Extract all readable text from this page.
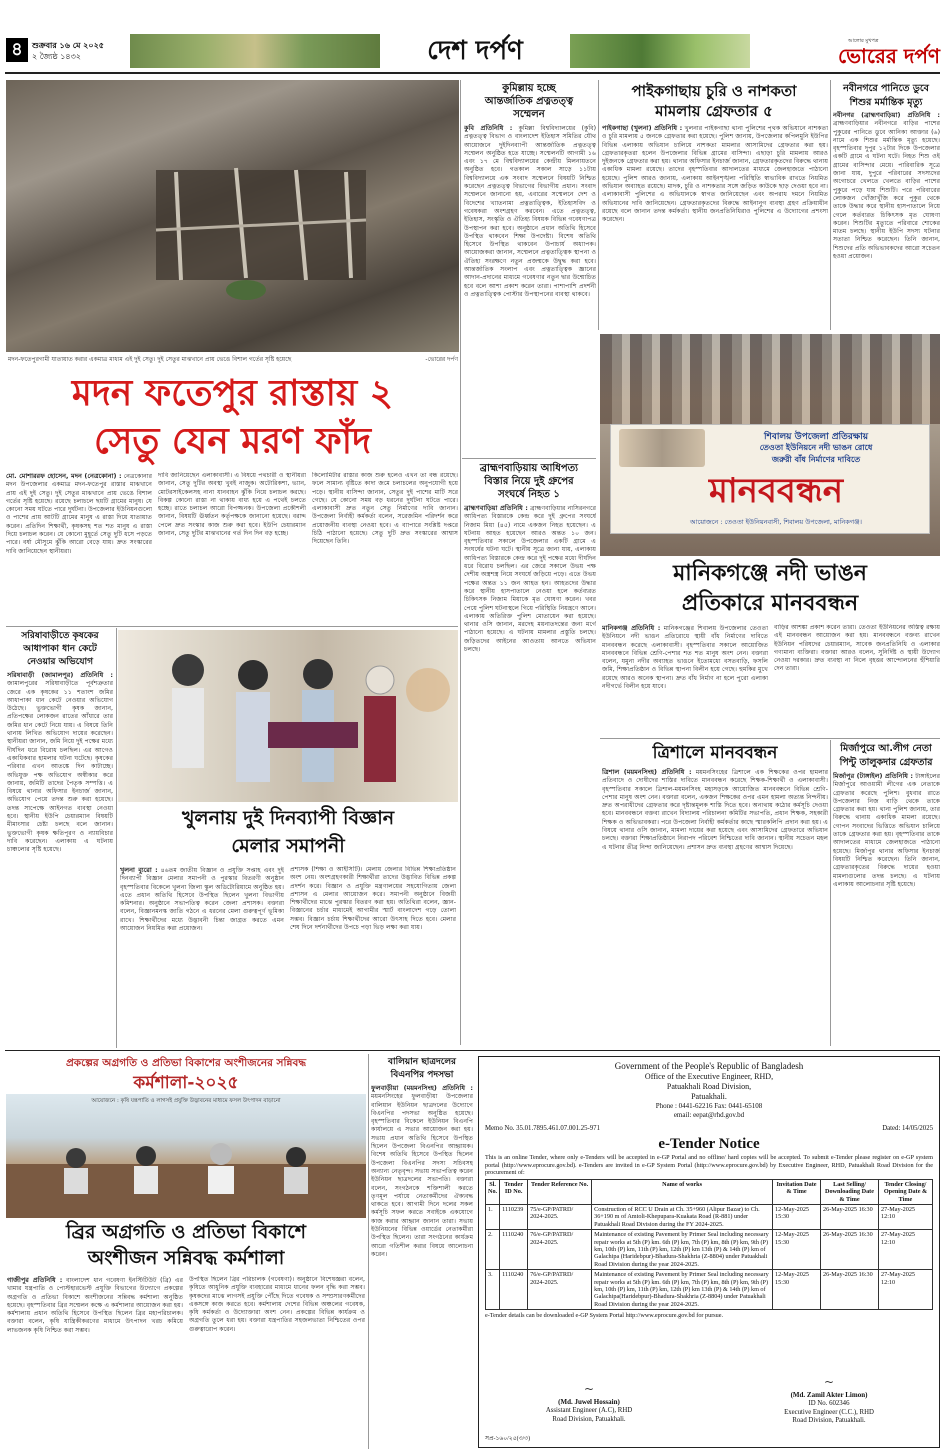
৪	শুক্রবার ১৬ মে ২০২৫
২ জ্যৈষ্ঠ ১৪৩২	দেশ দর্পণ	আলোর মুখপত্র
ভোরের দর্পণ
মদন-ফতেপুরগামী যাতায়াত করার একমাত্র মাধ্যম এই দুই সেতু। দুই সেতুর মাঝখানে প্রায় ভেঙে বিশাল গর্তের সৃষ্টি হয়েছে	-ভোরের দর্পণ
মদন ফতেপুর রাস্তায় ২
সেতু যেন মরণ ফাঁদ
মো. মোশাররফ হোসেন, মদন (নেত্রকোনা) : নেত্রকোনার মদন উপজেলার একমাত্র মদন-ফতেপুর রাস্তার মাঝখানে প্রায় এই দুই সেতু। দুই সেতুর মাঝখানে প্রায় ভেঙে বিশাল গর্তের সৃষ্টি হয়েছে। রয়েছে চলাচলে ছয়টি গ্রামের মানুষ। যে কোনো সময় ঘটতে পারে দুর্ঘটনা। উপজেলার ইউনিয়নগুলো ও পাশের প্রায় আটটি গ্রামের মানুষ এ রাস্তা দিয়ে যাতায়াত করেন। প্রতিদিন শিক্ষার্থী, কৃষকসহ শত শত মানুষ এ রাস্তা দিয়ে চলাচল করেন। যে কোনো মুহূর্তে সেতু দুটি ধসে পড়তে পারে। বর্ষা মৌসুমে ঝুঁকি আরো বেড়ে যায়। দ্রুত সংস্কারের দাবি জানিয়েছেন স্থানীয়রা।
দাবি জানিয়েছেন এলাকাবাসী। এ বিষয়ে পথচারী ও স্থানীয়রা জানান, সেতু দুটির অবস্থা খুবই নাজুক। অটোরিকশা, ভ্যান, মোটরসাইকেলসহ নানা যানবাহন ঝুঁকি নিয়ে চলাচল করছে। বিকল্প কোনো রাস্তা না থাকায় বাধ্য হয়ে এ পথেই চলতে হচ্ছে। রাতে চলাচল আরো বিপজ্জনক। উপজেলা প্রকৌশলী জানান, বিষয়টি ঊর্ধ্বতন কর্তৃপক্ষকে জানানো হয়েছে। বরাদ্দ পেলে দ্রুত সংস্কার কাজ শুরু করা হবে। ইউপি চেয়ারম্যান জানান, সেতু দুটির মাঝখানের গর্ত দিন দিন বড় হচ্ছে।
কিলোমিটার রাস্তার কাজ শুরু হলেও এখন তা বন্ধ রয়েছে। ফলে সামান্য বৃষ্টিতে কাদা জমে চলাচলের অনুপযোগী হয়ে পড়ে। স্থানীয় বাসিন্দা জানান, সেতুর দুই পাশের মাটি সরে গেছে। যে কোনো সময় বড় ধরনের দুর্ঘটনা ঘটতে পারে। এলাকাবাসী দ্রুত নতুন সেতু নির্মাণের দাবি জানান। উপজেলা নির্বাহী কর্মকর্তা বলেন, সরেজমিন পরিদর্শন করে প্রয়োজনীয় ব্যবস্থা নেওয়া হবে। এ ব্যাপারে সংশ্লিষ্ট দপ্তরে চিঠি পাঠানো হয়েছে। সেতু দুটি দ্রুত সংস্কারের আশ্বাস দিয়েছেন তিনি।
কুমিল্লায় হচ্ছে
আন্তর্জাতিক প্রত্নতত্ত্ব
সম্মেলন
কুবি প্রতিনিধি : কুমিল্লা বিশ্ববিদ্যালয়ের (কুবি) প্রত্নতত্ত্ব বিভাগ ও বাংলাদেশ ইতিহাস সমিতির যৌথ আয়োজনে দুইদিনব্যাপী আন্তর্জাতিক প্রত্নতত্ত্ব সম্মেলন অনুষ্ঠিত হতে যাচ্ছে। সম্মেলনটি আগামী ১৬ এবং ১৭ মে বিশ্ববিদ্যালয়ের কেন্দ্রীয় মিলনায়তনে অনুষ্ঠিত হবে। গতকাল সকাল সাড়ে ১১টায় বিশ্ববিদ্যালয়ে এক সংবাদ সম্মেলনে বিষয়টি নিশ্চিত করেছেন প্রত্নতত্ত্ব বিভাগের বিভাগীয় প্রধান। সংবাদ সম্মেলনে জানানো হয়, এবারের সম্মেলনে দেশ ও বিদেশের খ্যাতনামা প্রত্নতাত্ত্বিক, ইতিহাসবিদ ও গবেষকরা অংশগ্রহণ করবেন। এতে প্রত্নতত্ত্ব, ইতিহাস, সংস্কৃতি ও ঐতিহ্য বিষয়ক বিভিন্ন গবেষণাপত্র উপস্থাপন করা হবে। অনুষ্ঠানে প্রধান অতিথি হিসেবে উপস্থিত থাকবেন শিক্ষা উপদেষ্টা। বিশেষ অতিথি হিসেবে উপস্থিত থাকবেন উপাচার্য অধ্যাপক। আয়োজকরা জানান, সম্মেলনে প্রত্নতাত্ত্বিক স্থাপনা ও ঐতিহ্য সংরক্ষণে নতুন প্রজন্মকে উদ্বুদ্ধ করা হবে। আন্তর্জাতিক সংলাপ এবং প্রত্নতাত্ত্বিক জ্ঞানের আদান-প্রদানের মাধ্যমে গবেষণার নতুন দ্বার উন্মোচিত হবে বলে আশা প্রকাশ করেন তারা। পাশাপাশি প্রদর্শনী ও প্রত্নতাত্ত্বিক পোস্টার উপস্থাপনের ব্যবস্থা থাকবে।
ব্রাহ্মণবাড়িয়ায় আধিপত্য
বিস্তার নিয়ে দুই গ্রুপের
সংঘর্ষে নিহত ১
ব্রাহ্মণবাড়িয়া প্রতিনিধি : ব্রাহ্মণবাড়িয়ার নাসিরনগরে আধিপত্য বিস্তারকে কেন্দ্র করে দুই গ্রুপের সংঘর্ষে নিজাম মিয়া (৪৫) নামে একজন নিহত হয়েছেন। এ ঘটনায় আহত হয়েছেন আরও অন্তত ১০ জন। বৃহস্পতিবার সকালে উপজেলার একটি গ্রামে এ সংঘর্ষের ঘটনা ঘটে। স্থানীয় সূত্রে জানা যায়, এলাকায় আধিপত্য বিস্তারকে কেন্দ্র করে দুই পক্ষের মধ্যে দীর্ঘদিন ধরে বিরোধ চলছিল। এর জেরে সকালে উভয় পক্ষ দেশীয় অস্ত্রশস্ত্র নিয়ে সংঘর্ষে জড়িয়ে পড়ে। এতে উভয় পক্ষের অন্তত ১১ জন আহত হন। আহতদের উদ্ধার করে স্থানীয় হাসপাতালে নেওয়া হলে কর্তব্যরত চিকিৎসক নিজাম মিয়াকে মৃত ঘোষণা করেন। খবর পেয়ে পুলিশ ঘটনাস্থলে গিয়ে পরিস্থিতি নিয়ন্ত্রণে আনে। এলাকায় অতিরিক্ত পুলিশ মোতায়েন করা হয়েছে। থানার ওসি জানান, মরদেহ ময়নাতদন্তের জন্য মর্গে পাঠানো হয়েছে। এ ঘটনায় মামলার প্রস্তুতি চলছে। জড়িতদের আইনের আওতায় আনতে অভিযান চলছে।
পাইকগাছায় চুরি ও নাশকতা
মামলায় গ্রেফতার ৫
পাইকগাছা (খুলনা) প্রতিনিধি : খুলনার পাইকগাছা থানা পুলিশের পৃথক অভিযানে নাশকতা ও চুরি মামলায় ৫ জনকে গ্রেফতার করা হয়েছে। পুলিশ জানায়, উপজেলার কপিলমুনি ইউপির বিভিন্ন এলাকায় অভিযান চালিয়ে নাশকতা মামলার আসামিদের গ্রেফতার করা হয়। গ্রেফতারকৃতরা হলেন উপজেলার বিভিন্ন গ্রামের বাসিন্দা। এছাড়া চুরি মামলায় আরও দুইজনকে গ্রেফতার করা হয়। থানার অফিসার ইনচার্জ জানান, গ্রেফতারকৃতদের বিরুদ্ধে থানায় একাধিক মামলা রয়েছে। তাদের বৃহস্পতিবার আদালতের মাধ্যমে জেলহাজতে পাঠানো হয়েছে। পুলিশ আরও জানায়, এলাকায় আইনশৃঙ্খলা পরিস্থিতি স্বাভাবিক রাখতে নিয়মিত অভিযান অব্যাহত রয়েছে। মাদক, চুরি ও নাশকতার সঙ্গে জড়িত কাউকে ছাড় দেওয়া হবে না। এলাকাবাসী পুলিশের এ অভিযানকে স্বাগত জানিয়েছেন এবং অপরাধ দমনে নিয়মিত অভিযানের দাবি জানিয়েছেন। গ্রেফতারকৃতদের বিরুদ্ধে আইনানুগ ব্যবস্থা গ্রহণ প্রক্রিয়াধীন রয়েছে বলে জানান তদন্ত কর্মকর্তা। স্থানীয় জনপ্রতিনিধিরাও পুলিশের এ উদ্যোগের প্রশংসা করেছেন।
নবীনগরে পানিতে ডুবে
শিশুর মর্মান্তিক মৃত্যু
নবীনগর (ব্রাহ্মণবাড়িয়া) প্রতিনিধি : ব্রাহ্মণবাড়িয়ার নবীনগরে বাড়ির পাশের পুকুরের পানিতে ডুবে আনিকা আক্তার (৬) নামে এক শিশুর মর্মান্তিক মৃত্যু হয়েছে। বৃহস্পতিবার দুপুর ১২টার দিকে উপজেলার একটি গ্রামে এ ঘটনা ঘটে। নিহত শিশু ওই গ্রামের বাসিন্দার মেয়ে। পারিবারিক সূত্রে জানা যায়, দুপুরে পরিবারের সদস্যদের অগোচরে খেলতে খেলতে বাড়ির পাশের পুকুরে পড়ে যায় শিশুটি। পরে পরিবারের লোকজন খোঁজাখুঁজি করে পুকুর থেকে তাকে উদ্ধার করে স্থানীয় হাসপাতালে নিয়ে গেলে কর্তব্যরত চিকিৎসক মৃত ঘোষণা করেন। শিশুটির মৃত্যুতে পরিবারে শোকের মাতম চলছে। স্থানীয় ইউপি সদস্য ঘটনার সত্যতা নিশ্চিত করেছেন। তিনি জানান, শিশুদের প্রতি অভিভাবকদের আরো সচেতন হওয়া প্রয়োজন।
শিবালয় উপজেলা প্রতিরক্ষায়
তেওতা ইউনিয়নে নদী ভাঙন রোধে
জরুরী বাঁধ নির্মাণের দাবিতে
মানববন্ধন
আয়োজনে : তেওতা ইউনিয়নবাসী, শিবালয় উপজেলা, মানিকগঞ্জ।
মানিকগঞ্জে নদী ভাঙন
প্রতিকারে মানববন্ধন
মানিকগঞ্জ প্রতিনিধি : মানিকগঞ্জের শিবালয় উপজেলার তেওতা ইউনিয়নে নদী ভাঙন প্রতিরোধে স্থায়ী বাঁধ নির্মাণের দাবিতে মানববন্ধন করেছে এলাকাবাসী। বৃহস্পতিবার সকালে আয়োজিত মানববন্ধনে বিভিন্ন শ্রেণি-পেশার শত শত মানুষ অংশ নেন। বক্তারা বলেন, যমুনা নদীর অব্যাহত ভাঙনে ইতোমধ্যে বসতবাড়ি, ফসলি জমি, শিক্ষাপ্রতিষ্ঠান ও বিভিন্ন স্থাপনা বিলীন হয়ে গেছে। হুমকির মুখে রয়েছে আরও অনেক স্থাপনা। দ্রুত বাঁধ নির্মাণ না হলে পুরো এলাকা নদীগর্ভে বিলীন হয়ে যাবে।
বাড়ির আশঙ্কা প্রকাশ করেন তারা। তেওতা ইউনিয়নের অস্তিত্ব রক্ষায় এই মানববন্ধন আয়োজন করা হয়। মানববন্ধনে বক্তব্য রাখেন ইউনিয়ন পরিষদের চেয়ারম্যান, সাবেক জনপ্রতিনিধি ও এলাকার গণ্যমান্য ব্যক্তিরা। বক্তারা আরও বলেন, সুনির্দিষ্ট ও স্থায়ী উদ্যোগ নেওয়া দরকার। দ্রুত ব্যবস্থা না নিলে বৃহত্তর আন্দোলনের হুঁশিয়ারি দেন তারা।
ত্রিশালে মানববন্ধন
ত্রিশাল (ময়মনসিংহ) প্রতিনিধি : ময়মনসিংহের ত্রিশালে এক শিক্ষকের ওপর হামলার প্রতিবাদে ও দোষীদের শাস্তির দাবিতে মানববন্ধন করেছে শিক্ষক-শিক্ষার্থী ও এলাকাবাসী। বৃহস্পতিবার সকালে ত্রিশাল-ময়মনসিংহ মহাসড়কে আয়োজিত মানববন্ধনে বিভিন্ন শ্রেণি-পেশার মানুষ অংশ নেন। বক্তারা বলেন, একজন শিক্ষকের ওপর এমন হামলা অত্যন্ত নিন্দনীয়। দ্রুত অপরাধীদের গ্রেফতার করে দৃষ্টান্তমূলক শাস্তি দিতে হবে। অন্যথায় কঠোর কর্মসূচি দেওয়া হবে। মানববন্ধনে বক্তব্য রাখেন বিদ্যালয় পরিচালনা কমিটির সভাপতি, প্রধান শিক্ষক, সহকারী শিক্ষক ও অভিভাবকরা। পরে উপজেলা নির্বাহী কর্মকর্তার কাছে স্মারকলিপি প্রদান করা হয়। এ বিষয়ে থানার ওসি জানান, মামলা দায়ের করা হয়েছে এবং আসামিদের গ্রেফতারে অভিযান চলছে। বক্তারা শিক্ষাপ্রতিষ্ঠানে নিরাপদ পরিবেশ নিশ্চিতের দাবি জানান। স্থানীয় সচেতন মহল এ ঘটনার তীব্র নিন্দা জানিয়েছেন। প্রশাসন দ্রুত ব্যবস্থা গ্রহণের আশ্বাস দিয়েছে।
মির্জাপুরে আ.লীগ নেতা
পিন্টু তালুকদার গ্রেফতার
মির্জাপুর (টাঙ্গাইল) প্রতিনিধি : টাঙ্গাইলের মির্জাপুরে আওয়ামী লীগের এক নেতাকে গ্রেফতার করেছে পুলিশ। বুধবার রাতে উপজেলার নিজ বাড়ি থেকে তাকে গ্রেফতার করা হয়। থানা পুলিশ জানায়, তার বিরুদ্ধে থানায় একাধিক মামলা রয়েছে। গোপন সংবাদের ভিত্তিতে অভিযান চালিয়ে তাকে গ্রেফতার করা হয়। বৃহস্পতিবার তাকে আদালতের মাধ্যমে জেলহাজতে পাঠানো হয়েছে। মির্জাপুর থানার অফিসার ইনচার্জ বিষয়টি নিশ্চিত করেছেন। তিনি জানান, গ্রেফতারকৃতের বিরুদ্ধে দায়ের হওয়া মামলাগুলোর তদন্ত চলছে। এ ঘটনায় এলাকায় আলোচনার সৃষ্টি হয়েছে।
সরিষাবাড়ীতে কৃষকের
আধাপাকা ধান কেটে
নেওয়ার অভিযোগ
সরিষাবাড়ী (জামালপুর) প্রতিনিধি : জামালপুরের সরিষাবাড়ীতে পূর্বশত্রুতার জেরে এক কৃষকের ১১ শতাংশ জমির আধাপাকা ধান কেটে নেওয়ার অভিযোগ উঠেছে। ভুক্তভোগী কৃষক জানান, প্রতিপক্ষের লোকজন রাতের আঁধারে তার জমির ধান কেটে নিয়ে যায়। এ বিষয়ে তিনি থানায় লিখিত অভিযোগ দায়ের করেছেন। স্থানীয়রা জানান, জমি নিয়ে দুই পক্ষের মধ্যে দীর্ঘদিন ধরে বিরোধ চলছিল। এর আগেও একাধিকবার হামলার ঘটনা ঘটেছে। কৃষকের পরিবার এখন আতঙ্কে দিন কাটাচ্ছে। অভিযুক্ত পক্ষ অভিযোগ অস্বীকার করে জানায়, জমিটি তাদের পৈতৃক সম্পত্তি। এ বিষয়ে থানার অফিসার ইনচার্জ জানান, অভিযোগ পেয়ে তদন্ত শুরু করা হয়েছে। তদন্ত সাপেক্ষে আইনগত ব্যবস্থা নেওয়া হবে। স্থানীয় ইউপি চেয়ারম্যান বিষয়টি মীমাংসার চেষ্টা চলছে বলে জানান। ভুক্তভোগী কৃষক ক্ষতিপূরণ ও ন্যায়বিচার দাবি করেছেন। এলাকায় এ ঘটনায় চাঞ্চল্যের সৃষ্টি হয়েছে।
খুলনায় দুই দিনব্যাপী বিজ্ঞান
মেলার সমাপনী
খুলনা ব্যুরো : ৪৬তম জাতীয় বিজ্ঞান ও প্রযুক্তি সপ্তাহ এবং দুই দিনব্যাপী বিজ্ঞান মেলার সমাপনী ও পুরস্কার বিতরণী অনুষ্ঠান বৃহস্পতিবার বিকেলে খুলনা জিলা স্কুল অডিটোরিয়ামে অনুষ্ঠিত হয়। এতে প্রধান অতিথি হিসেবে উপস্থিত ছিলেন খুলনা বিভাগীয় কমিশনার। অনুষ্ঠানে সভাপতিত্ব করেন জেলা প্রশাসক। বক্তারা বলেন, বিজ্ঞানমনস্ক জাতি গঠনে এ ধরনের মেলা গুরুত্বপূর্ণ ভূমিকা রাখে। শিক্ষার্থীদের মধ্যে উদ্ভাবনী চিন্তা জাগ্রত করতে এমন আয়োজন নিয়মিত করা প্রয়োজন।
প্রশাসক (শিক্ষা ও আইসিটি)। মেলায় জেলার বিভিন্ন শিক্ষাপ্রতিষ্ঠান অংশ নেয়। অংশগ্রহণকারী শিক্ষার্থীরা তাদের উদ্ভাবিত বিভিন্ন প্রকল্প প্রদর্শন করে। বিজ্ঞান ও প্রযুক্তি মন্ত্রণালয়ের সহযোগিতায় জেলা প্রশাসন এ মেলার আয়োজন করে। সমাপনী অনুষ্ঠানে বিজয়ী শিক্ষার্থীদের মাঝে পুরস্কার বিতরণ করা হয়। অতিথিরা বলেন, জ্ঞান-বিজ্ঞানের চর্চার মাধ্যমেই আগামীর স্মার্ট বাংলাদেশ গড়ে তোলা সম্ভব। বিজ্ঞান চর্চায় শিক্ষার্থীদের আরো উৎসাহ দিতে হবে। মেলার শেষ দিনে দর্শনার্থীদের উপচে পড়া ভিড় লক্ষ্য করা যায়।
প্রকল্পের অগ্রগতি ও প্রতিভা বিকাশের অংশীজনের সন্নিবদ্ধ
কর্মশালা-২০২৫
আয়োজনে : কৃষি যন্ত্রপাতি ও লাগসই প্রযুক্তি উদ্ভাবনের মাধ্যমে ফসল উৎপাদন বাড়ানো
ব্রির অগ্রগতি ও প্রতিভা বিকাশে
অংশীজন সন্নিবদ্ধ কর্মশালা
গাজীপুর প্রতিনিধি : বাংলাদেশ ধান গবেষণা ইনস্টিটিউট (ব্রি) এর খামার যন্ত্রপাতি ও পোস্টহারভেস্ট প্রযুক্তি বিভাগের উদ্যোগে প্রকল্পের অগ্রগতি ও প্রতিভা বিকাশে অংশীজনের সন্নিবদ্ধ কর্মশালা অনুষ্ঠিত হয়েছে। বৃহস্পতিবার ব্রির সম্মেলন কক্ষে এ কর্মশালার আয়োজন করা হয়। কর্মশালায় প্রধান অতিথি হিসেবে উপস্থিত ছিলেন ব্রির মহাপরিচালক। বক্তারা বলেন, কৃষি যান্ত্রিকীকরণের মাধ্যমে উৎপাদন খরচ কমিয়ে লাভজনক কৃষি নিশ্চিত করা সম্ভব।
উপস্থিত ছিলেন ব্রির পরিচালক (গবেষণা)। অনুষ্ঠানে বিশেষজ্ঞরা বলেন, কৃষিতে আধুনিক প্রযুক্তি ব্যবহারের মাধ্যমে ধানের ফলন বৃদ্ধি করা সম্ভব। কৃষকদের মাঝে লাগসই প্রযুক্তি পৌঁছে দিতে গবেষক ও সম্প্রসারণকর্মীদের একসঙ্গে কাজ করতে হবে। কর্মশালায় দেশের বিভিন্ন অঞ্চলের গবেষক, কৃষি কর্মকর্তা ও উদ্যোক্তারা অংশ নেন। প্রকল্পের বিভিন্ন কার্যক্রম ও অগ্রগতি তুলে ধরা হয়। বক্তারা যন্ত্রপাতির সহজলভ্যতা নিশ্চিতের ওপর গুরুত্বারোপ করেন।
বালিয়ান ছাত্রদলের
বিএনপির পদসভা
ফুলবাড়ীয়া (ময়মনসিংহ) প্রতিনিধি : ময়মনসিংহের ফুলবাড়ীয়া উপজেলার বালিয়ান ইউনিয়ন ছাত্রদলের উদ্যোগে বিএনপির পদসভা অনুষ্ঠিত হয়েছে। বৃহস্পতিবার বিকেলে ইউনিয়ন বিএনপি কার্যালয়ে এ সভার আয়োজন করা হয়। সভায় প্রধান অতিথি হিসেবে উপস্থিত ছিলেন উপজেলা বিএনপির আহ্বায়ক। বিশেষ অতিথি হিসেবে উপস্থিত ছিলেন উপজেলা বিএনপির সদস্য সচিবসহ অন্যান্য নেতৃবৃন্দ। সভায় সভাপতিত্ব করেন ইউনিয়ন ছাত্রদলের সভাপতি। বক্তারা বলেন, সংগঠনকে শক্তিশালী করতে তৃণমূল পর্যায়ে নেতাকর্মীদের ঐক্যবদ্ধ থাকতে হবে। আগামী দিনে দলের সকল কর্মসূচি সফল করতে সবাইকে একযোগে কাজ করার আহ্বান জানান তারা। সভায় ইউনিয়নের বিভিন্ন ওয়ার্ডের নেতাকর্মীরা উপস্থিত ছিলেন। তারা সংগঠনের কার্যক্রম আরো গতিশীল করার বিষয়ে আলোচনা করেন।
Government of the People's Republic of Bangladesh
Office of the Executive Engineer, RHD,
Patuakhali Road Division,
Patuakhali.
Phone : 0441-62216 Fax: 0441-65108
email: eepat@rhd.gov.bd
Memo No. 35.01.7895.461.07.001.25-971	Dated: 14/05/2025
e-Tender Notice
This is an online Tender, where only e-Tenders will be accepted in e-GP Portal and no offline/ hard copies will be accepted. To submit e-Tender please register on e-GP system portal (http://www.eprocure.gov.bd). e-Tenders are invited in e-GP System Portal (http://www.eprocure.gov.bd) by Executive Engineer, RHD, Patuakhali Road Division for the procurement of:
Sl. No.	Tender ID No.	Tender Reference No.	Name of works	Invitation Date & Time	Last Selling/ Downloading Date & Time	Tender Closing/ Opening Date & Time
1.	1110239	75/e-GP/PATRD/ 2024-2025.	Construction of RCC U Drain at Ch. 35+960 (Alipur Bazar) to Ch. 36+190 m of Amtoli-Khepupara-Kuakata Road (R-881) under Patuakhali Road Division during the FY 2024-2025.	12-May-2025 15:30	26-May-2025 16:30	27-May-2025 12:10
2.	1110240	76/e-GP/PATRD/ 2024-2025.	Maintenance of existing Pavement by Primer Seal including necessary repair works at 5th (P) km. 6th (P) km, 7th (P) km, 8th (P) km, 9th (P) km, 10th (P) km, 11th (P) km, 12th (P) km 13th (P) & 14th (P) km of Galachipa (Haridebpur)-Bhadura-Shakhria (Z-8804) under Patuakhali Road Division during the year 2024-2025.	12-May-2025 15:30	26-May-2025 16:30	27-May-2025 12:10
3.	1110240	76/e-GP/PATRD/ 2024-2025.	Maintenance of existing Pavement by Primer Seal including necessary repair works at 5th (P) km. 6th (P) km, 7th (P) km, 8th (P) km, 9th (P) km, 10th (P) km, 11th (P) km, 12th (P) km 13th (P) & 14th (P) km of Galachipa(Haridebpur)-Bhadura-Shakhria (Z-8804) under Patuakhali Road Division during the year 2024-2025.	12-May-2025 15:30	26-May-2025 16:30	27-May-2025 12:10
e-Tender details can be downloaded e-GP System Portal http://www.eprocure.gov.bd for pursue.
~
(Md. Juwel Hossain)
Assistant Engineer (A.C), RHD
Road Division, Patuakhali.
~
(Md. Zamil Akter Limon)
ID No. 602346
Executive Engineer (C.C.), RHD
Road Division, Patuakhali.
সপ্র-১৬০/২৫(৩/৩)
